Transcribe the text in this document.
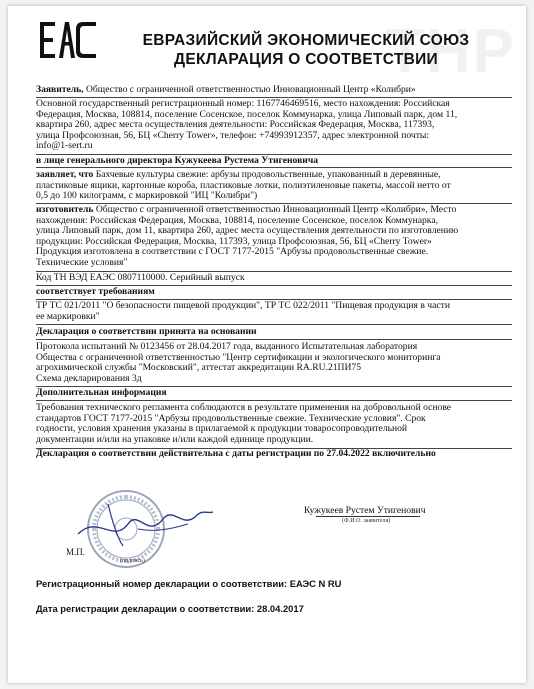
ТНР
ЕВРАЗИЙСКИЙ ЭКОНОМИЧЕСКИЙ СОЮЗ
ДЕКЛАРАЦИЯ О СООТВЕТСТВИИ
Заявитель, Общество с ограниченной ответственностью Инновационный Центр «Колибри»
Основной государственный регистрационный номер: 1167746469516, место нахождения: Российская
Федерация, Москва, 108814, поселение Сосенское, поселок Коммунарка, улица Липовый парк, дом 11,
квартира 260, адрес места осуществления деятельности: Российская Федерация, Москва, 117393,
улица Профсоюзная, 56, БЦ «Cherry Tower», телефон: +74993912357, адрес электронной почты:
info@1-sert.ru
в лице генерального директора Кужукеева Рустема Утигеновича
заявляет, что Бахчевые культуры свежие: арбузы продовольственные, упакованный в деревянные,
пластиковые ящики, картонные короба, пластиковые лотки, полиэтиленовые пакеты, массой нетто от
0,5 до 100 килограмм, с маркировкой "ИЦ "Колибри")
изготовитель Общество с ограниченной ответственностью Инновационный Центр «Колибри», Место
нахождения: Российская Федерация, Москва, 108814, поселение Сосенское, поселок Коммунарка,
улица Липовый парк, дом 11, квартира 260, адрес места осуществления деятельности по изготовлению
продукции: Российская Федерация, Москва, 117393, улица Профсоюзная, 56, БЦ «Cherry Tower»
Продукция изготовлена в соответствии с ГОСТ 7177-2015 "Арбузы продовольственные свежие.
Технические условия"
Код ТН ВЭД ЕАЭС 0807110000. Серийный выпуск
соответствует требованиям
ТР ТС 021/2011 "О безопасности пищевой продукции", ТР ТС 022/2011 "Пищевая продукция в части
ее маркировки"
Декларация о соответствии принята на основании
Протокола испытаний № 0123456 от 28.04.2017 года, выданного Испытательная лаборатория
Общества с ограниченной ответственностью "Центр сертификации и экологического мониторинга
агрохимической службы "Московский", аттестат аккредитации RA.RU.21ПИ75
Схема декларирования 3д
Дополнительная информация
Требования технического регламента соблюдаются в результате применения на добровольной основе
стандартов ГОСТ 7177-2015 "Арбузы продовольственные свежие. Технические условия". Срок
годности, условия хранения указаны в прилагаемой к продукции товаросопроводительной
документации и/или на упаковке и/или каждой единице продукции.
Декларация о соответствии действительна с даты регистрации по 27.04.2022 включительно
М.П.
(подпись)
Кужукеев Рустем Утигенович
(Ф.И.О. заявителя)
Регистрационный номер декларации о соответствии: ЕАЭС N RU
Дата регистрации декларации о соответствии: 28.04.2017
